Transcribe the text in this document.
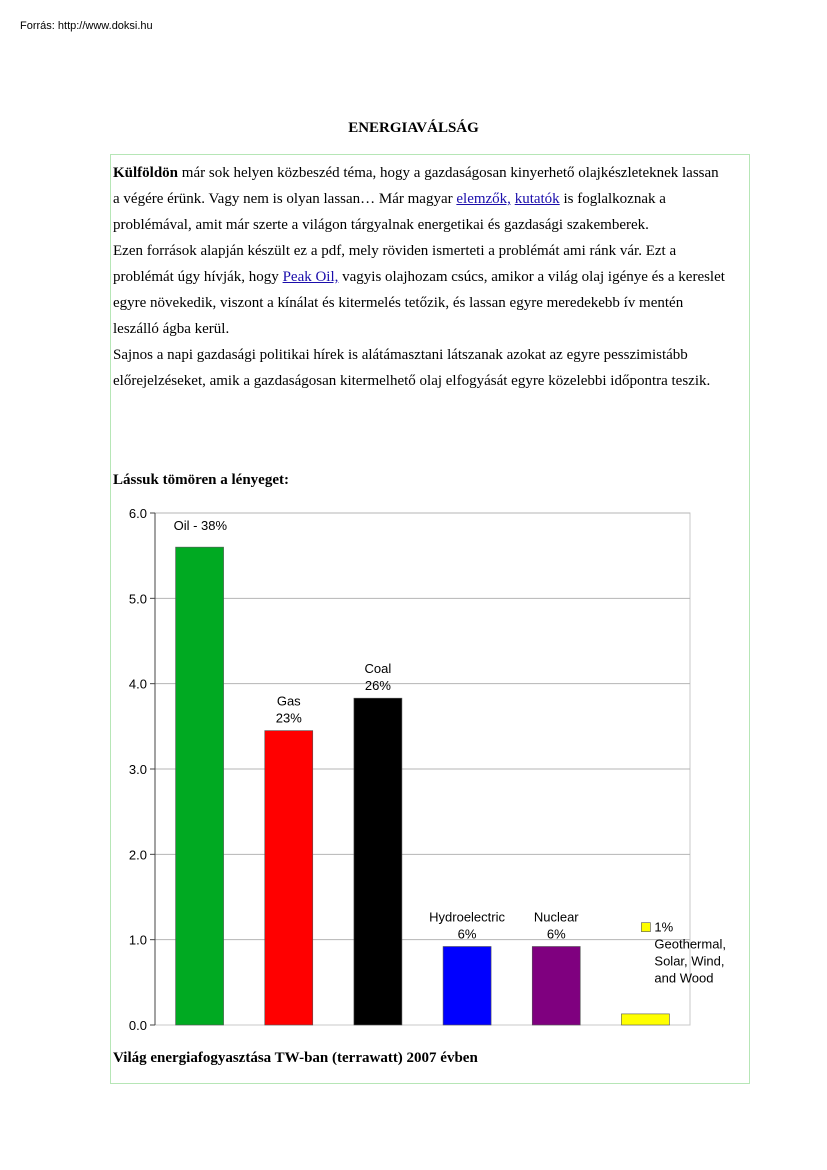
Forrás: http://www.doksi.hu
ENERGIAVÁLSÁG

Külföldön már sok helyen közbeszéd téma, hogy a gazdaságosan kinyerhető olajkészleteknek lassan a végére érünk. Vagy nem is olyan lassan… Már magyar elemzők, kutatók is foglalkoznak a problémával, amit már szerte a világon tárgyalnak energetikai és gazdasági szakemberek.

Ezen források alapján készült ez a pdf, mely röviden ismerteti a problémát ami ránk vár. Ezt a problémát úgy hívják, hogy Peak Oil, vagyis olajhozam csúcs, amikor a világ olaj igénye és a kereslet egyre növekedik, viszont a kínálat és kitermelés tetőzik, és lassan egyre meredekebb ív mentén leszálló ágba kerül.

Sajnos a napi gazdasági politikai hírek is alátámasztani látszanak azokat az egyre pesszimistább előrejelzéseket, amik a gazdaságosan kitermelhető olaj elfogyását egyre közelebbi időpontra teszik.

Lássuk tömören a lényeget:
0.0
1.0
2.0
3.0
4.0
5.0
6.0
Oil - 38%
Gas
23%
Coal
26%
Hydroelectric
6%
Nuclear
6%	1%
Geothermal,
Solar, Wind,
and Wood
Világ energiafogyasztása TW-ban (terrawatt) 2007 évben
